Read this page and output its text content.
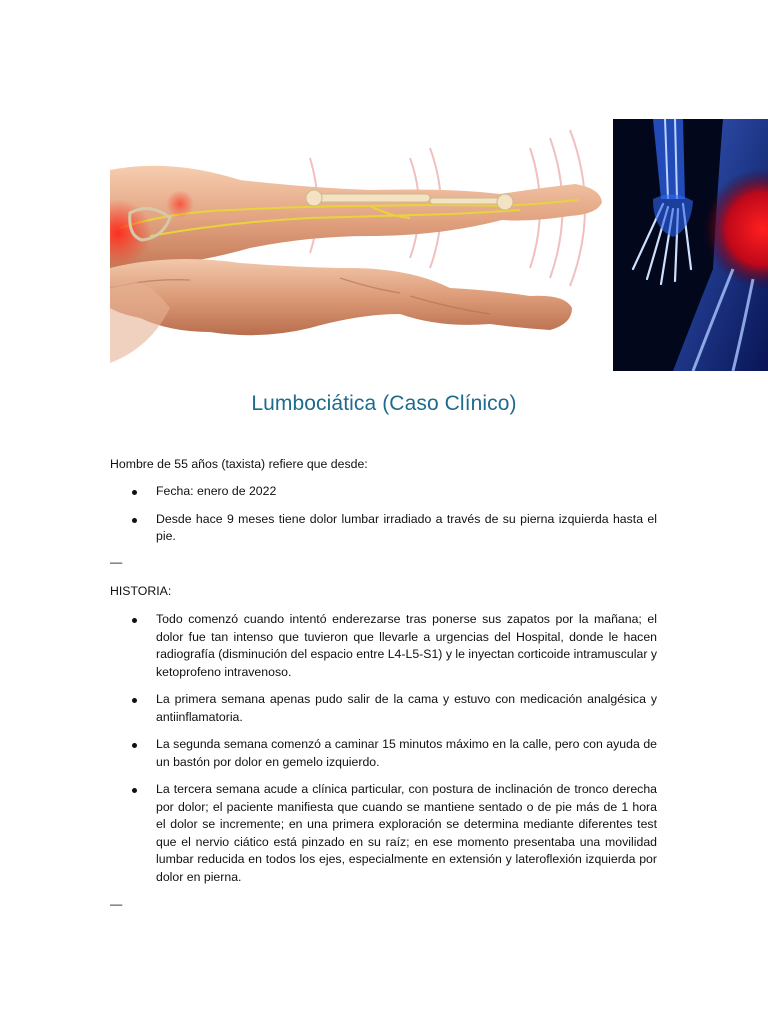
Lumbociática (Caso Clínico)
Hombre de 55 años (taxista) refiere que desde:
Fecha: enero de 2022
Desde hace 9 meses tiene dolor lumbar irradiado a través de su pierna izquierda hasta el pie.
—
HISTORIA:
Todo comenzó cuando intentó enderezarse tras ponerse sus zapatos por la mañana; el dolor fue tan intenso que tuvieron que llevarle a urgencias del Hospital, donde le hacen radiografía (disminución del espacio entre L4-L5-S1) y le inyectan corticoide intramuscular y ketoprofeno intravenoso.
La primera semana apenas pudo salir de la cama y estuvo con medicación analgésica y antiinflamatoria.
La segunda semana comenzó a caminar 15 minutos máximo en la calle, pero con ayuda de un bastón por dolor en gemelo izquierdo.
La tercera semana acude a clínica particular, con postura de inclinación de tronco derecha por dolor; el paciente manifiesta que cuando se mantiene sentado o de pie más de 1 hora el dolor se incremente; en una primera exploración se determina mediante diferentes test que el nervio ciático está pinzado en su raíz; en ese momento presentaba una movilidad lumbar reducida en todos los ejes, especialmente en extensión y lateroflexión izquierda por dolor en pierna.
—
